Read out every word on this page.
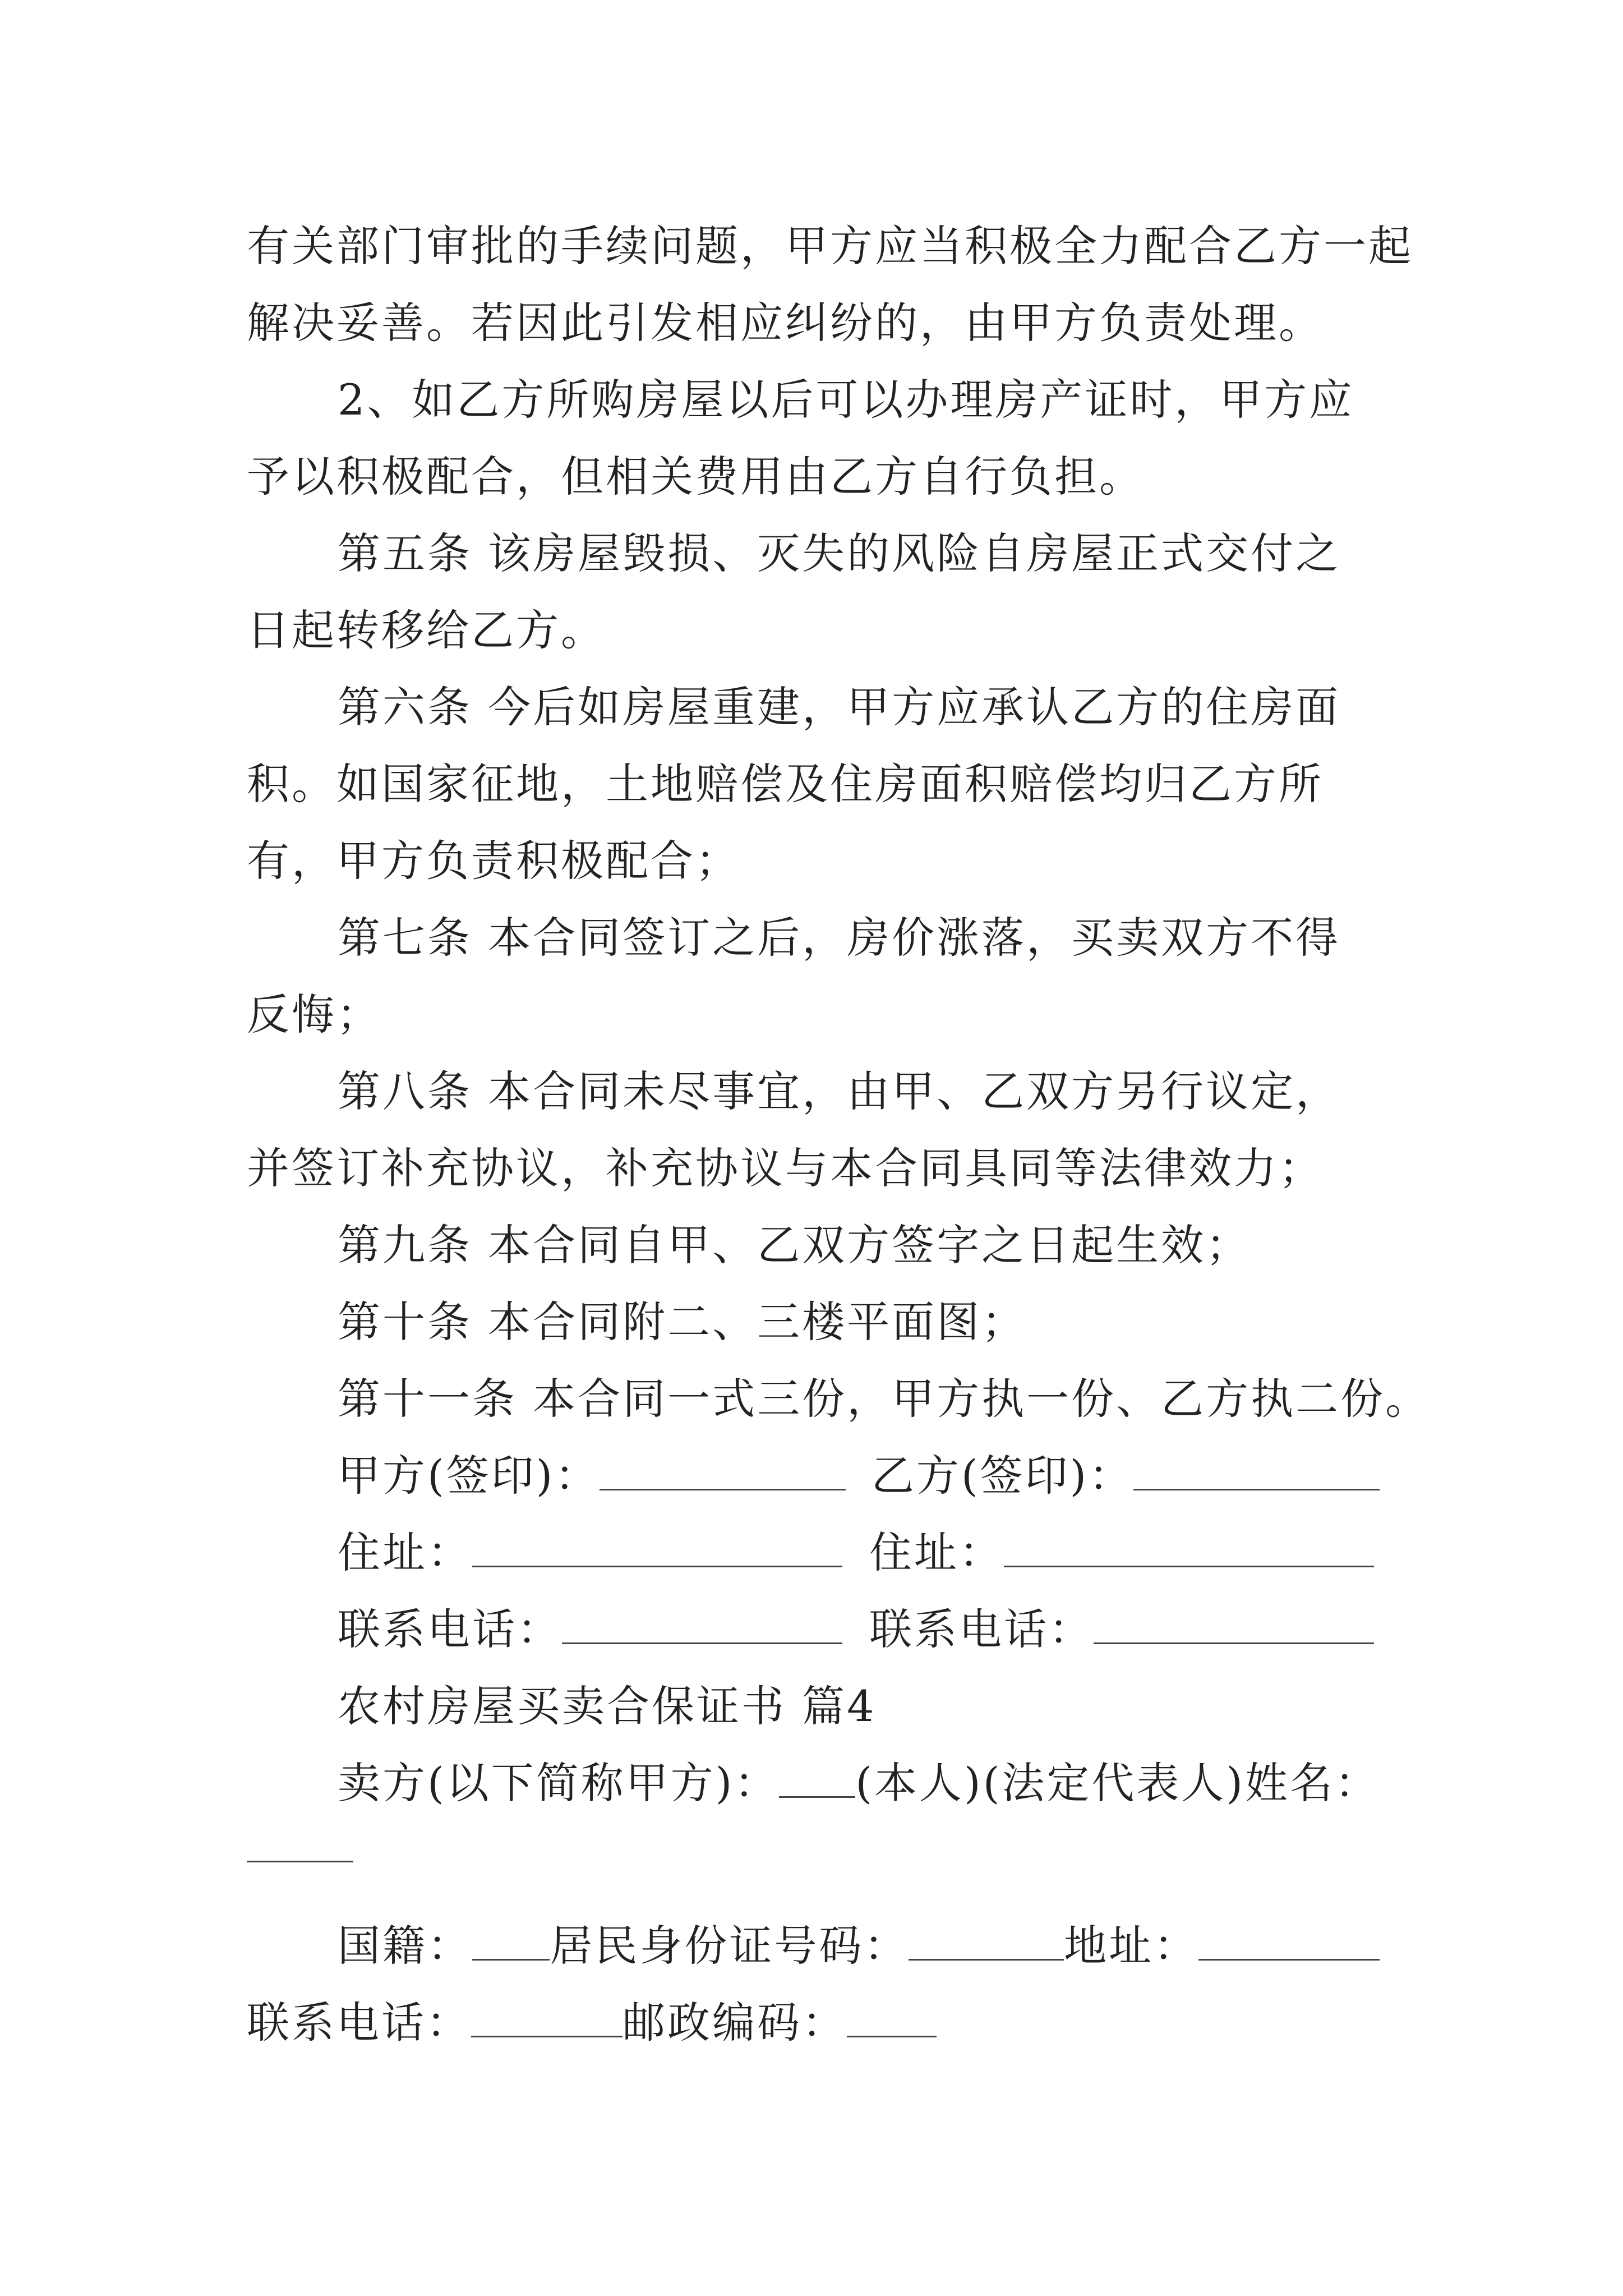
有关部门审批的手续问题，甲方应当积极全力配合乙方一起

解决妥善。若因此引发相应纠纷的，由甲方负责处理。

2、如乙方所购房屋以后可以办理房产证时，甲方应予以积极配合，但相关费用由乙方自行负担。

第五条 该房屋毁损、灭失的风险自房屋正式交付之日起转移给乙方。

第六条 今后如房屋重建，甲方应承认乙方的住房面积。如国家征地，土地赔偿及住房面积赔偿均归乙方所有，甲方负责积极配合；

第七条 本合同签订之后，房价涨落，买卖双方不得反悔；

第八条 本合同未尽事宜，由甲、乙双方另行议定，并签订补充协议，补充协议与本合同具同等法律效力；

第九条 本合同自甲、乙双方签字之日起生效；

第十条 本合同附二、三楼平面图；

第十一条 本合同一式三份，甲方执一份、乙方执二份。

甲方(签印)：	乙方(签印)：
住址：	住址：
联系电话：	联系电话：

农村房屋买卖合保证书 篇4

卖方(以下简称甲方)： (本人)(法定代表人)姓名：
国籍： 居民身份证号码：	地址：
联系电话：	邮政编码：
